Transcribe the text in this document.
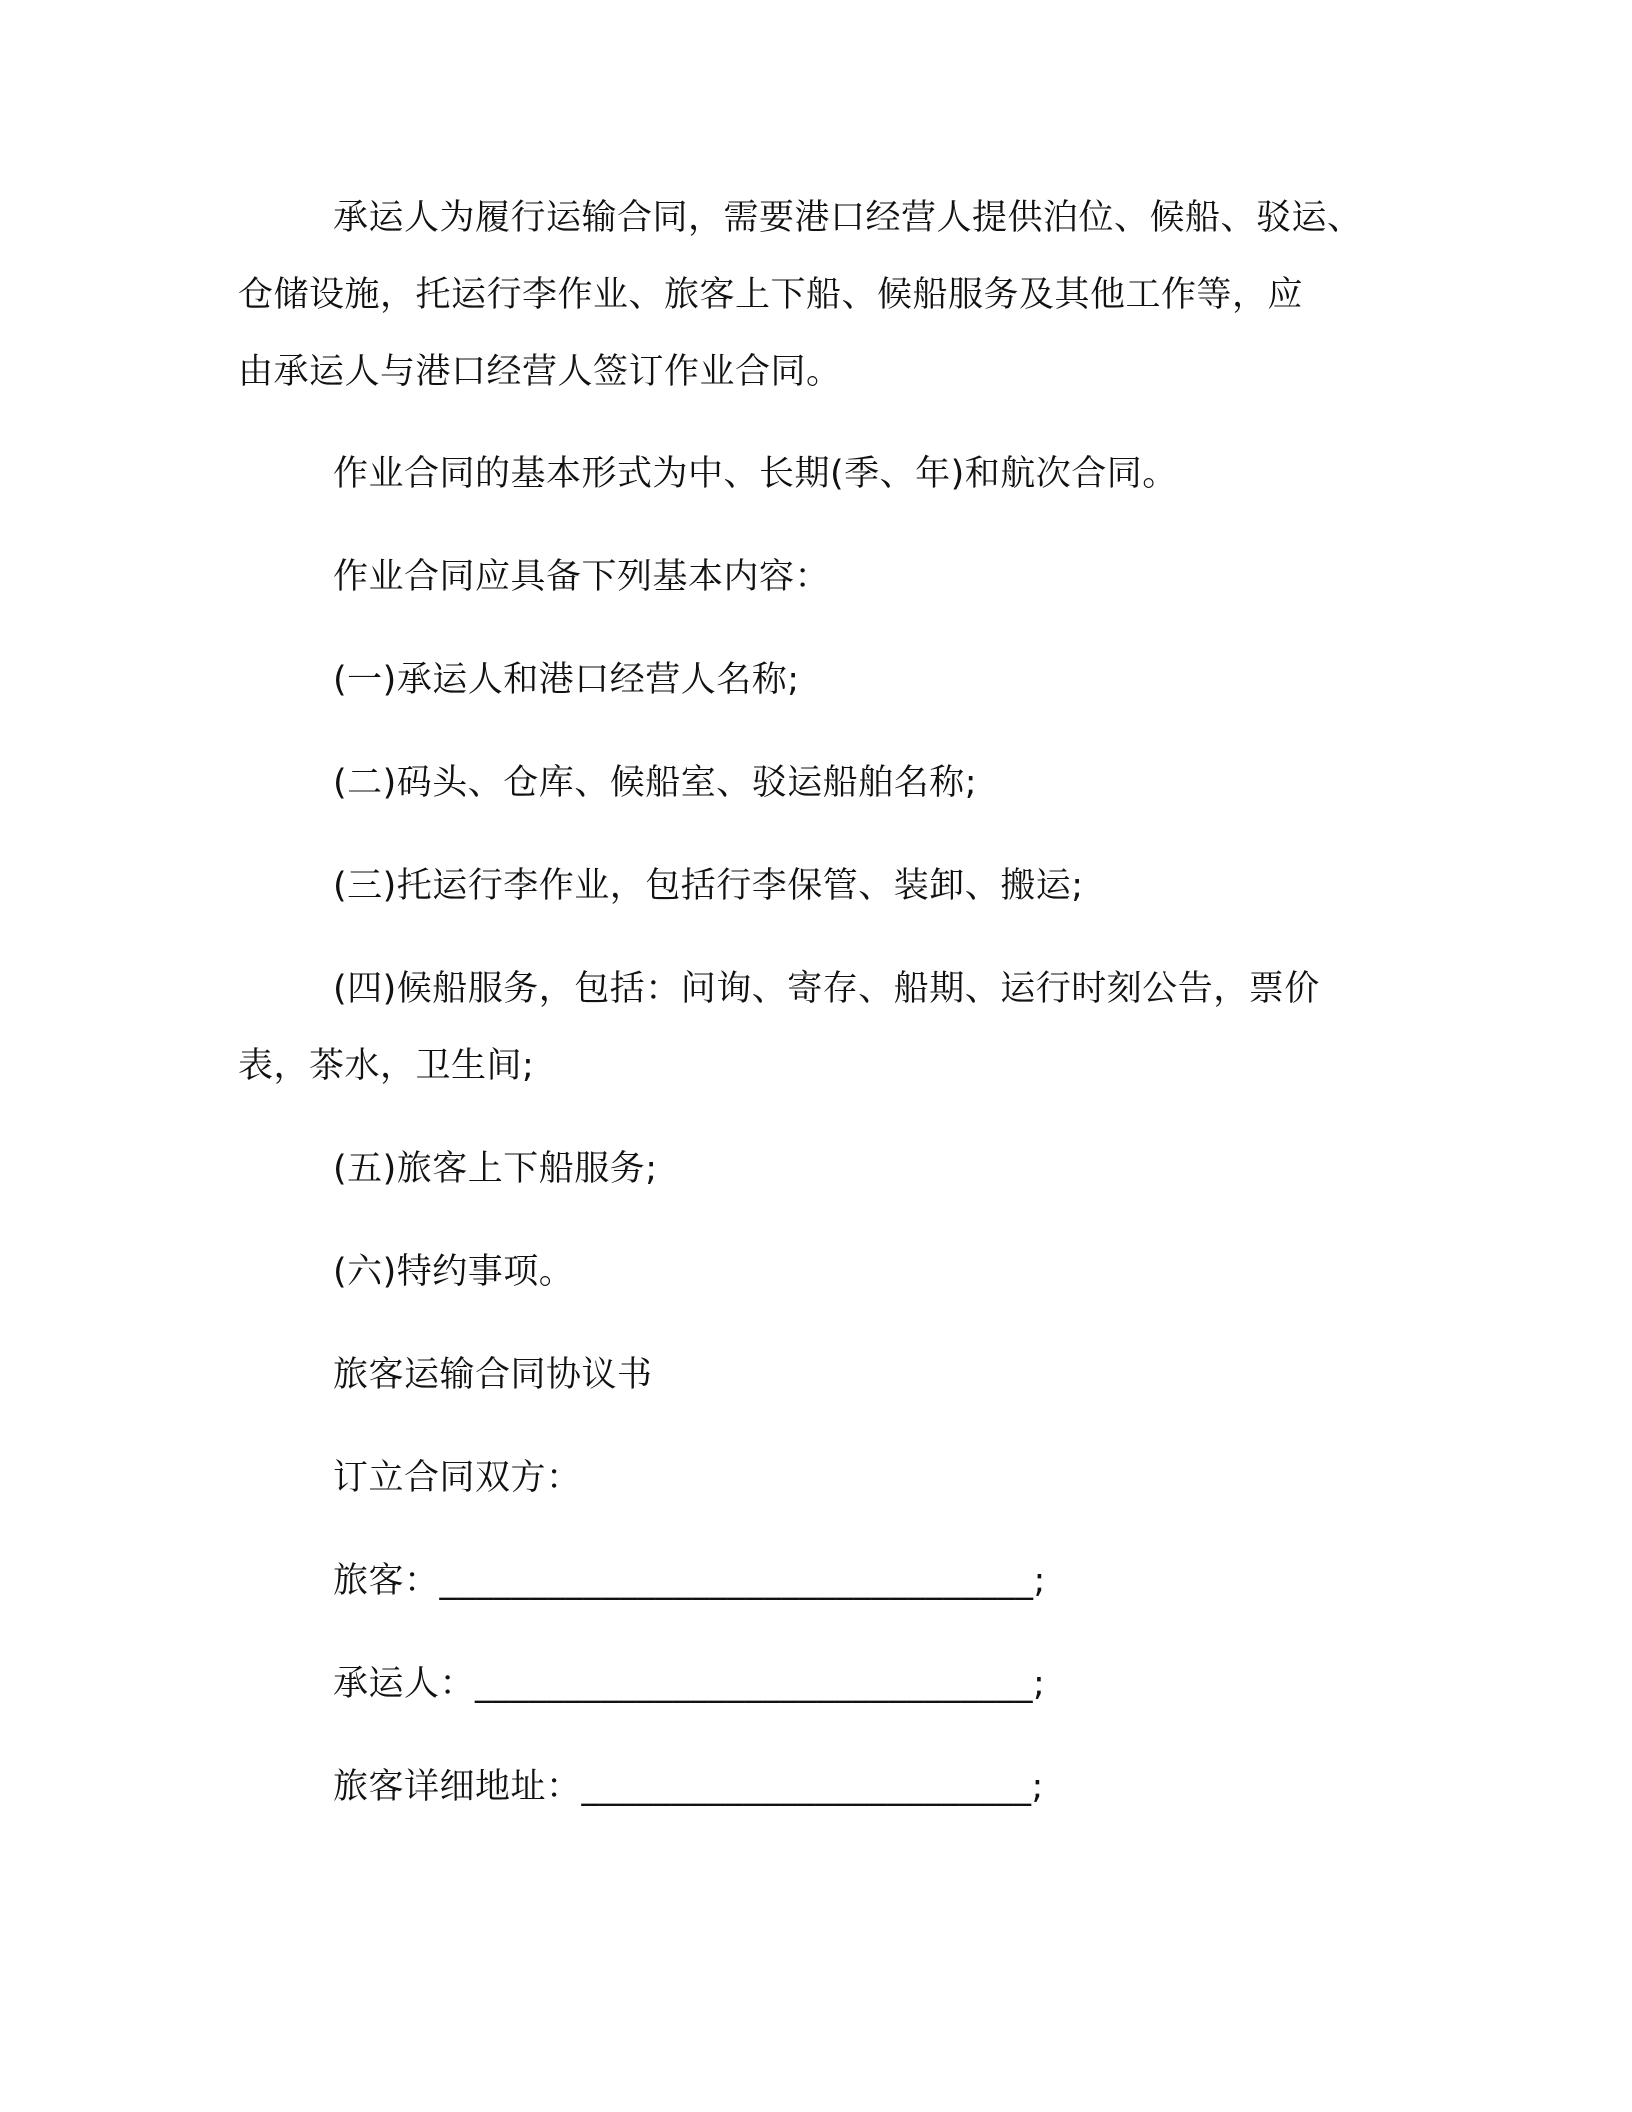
承运人为履行运输合同，需要港口经营人提供泊位、候船、驳运、
仓储设施，托运行李作业、旅客上下船、候船服务及其他工作等，应
由承运人与港口经营人签订作业合同。
作业合同的基本形式为中、长期(季、年)和航次合同。
作业合同应具备下列基本内容：
(一)承运人和港口经营人名称;
(二)码头、仓库、候船室、驳运船舶名称;
(三)托运行李作业，包括行李保管、装卸、搬运;
(四)候船服务，包括：问询、寄存、船期、运行时刻公告，票价
表，茶水，卫生间;
(五)旅客上下船服务;
(六)特约事项。
旅客运输合同协议书
订立合同双方：
旅客：_________________________________;
承运人：_______________________________;
旅客详细地址：_________________________;
